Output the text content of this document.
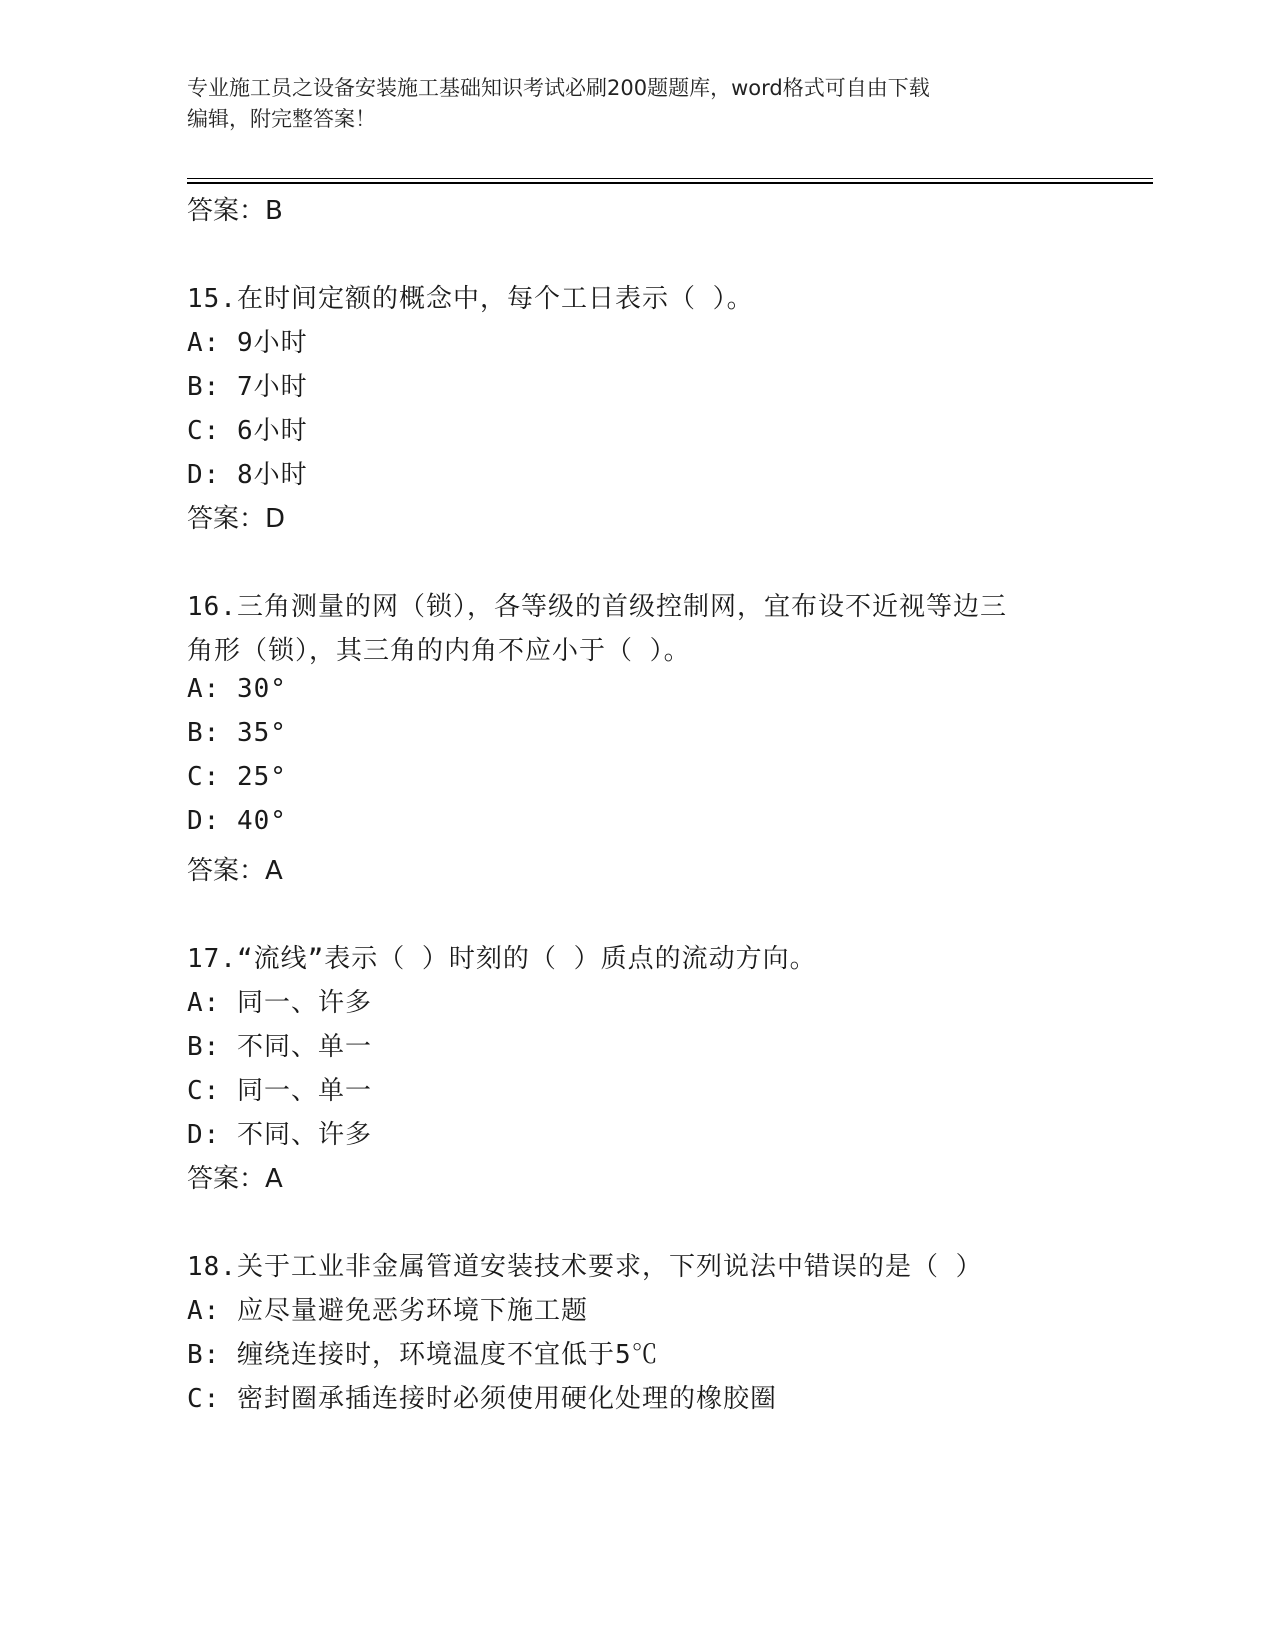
专业施工员之设备安装施工基础知识考试必刷200题题库，word格式可自由下载
编辑，附完整答案！
答案：B
15.在时间定额的概念中，每个工日表示（ ）。
A: 9小时
B: 7小时
C: 6小时
D: 8小时
答案：D
16.三角测量的网（锁），各等级的首级控制网，宜布设不近视等边三
角形（锁），其三角的内角不应小于（ ）。
A: 30°
B: 35°
C: 25°
D: 40°
答案：A
17.“流线”表示（ ）时刻的（ ）质点的流动方向。
A: 同一、许多
B: 不同、单一
C: 同一、单一
D: 不同、许多
答案：A
18.关于工业非金属管道安装技术要求，下列说法中错误的是（ ）
A: 应尽量避免恶劣环境下施工题
B: 缠绕连接时，环境温度不宜低于5℃
C: 密封圈承插连接时必须使用硬化处理的橡胶圈
